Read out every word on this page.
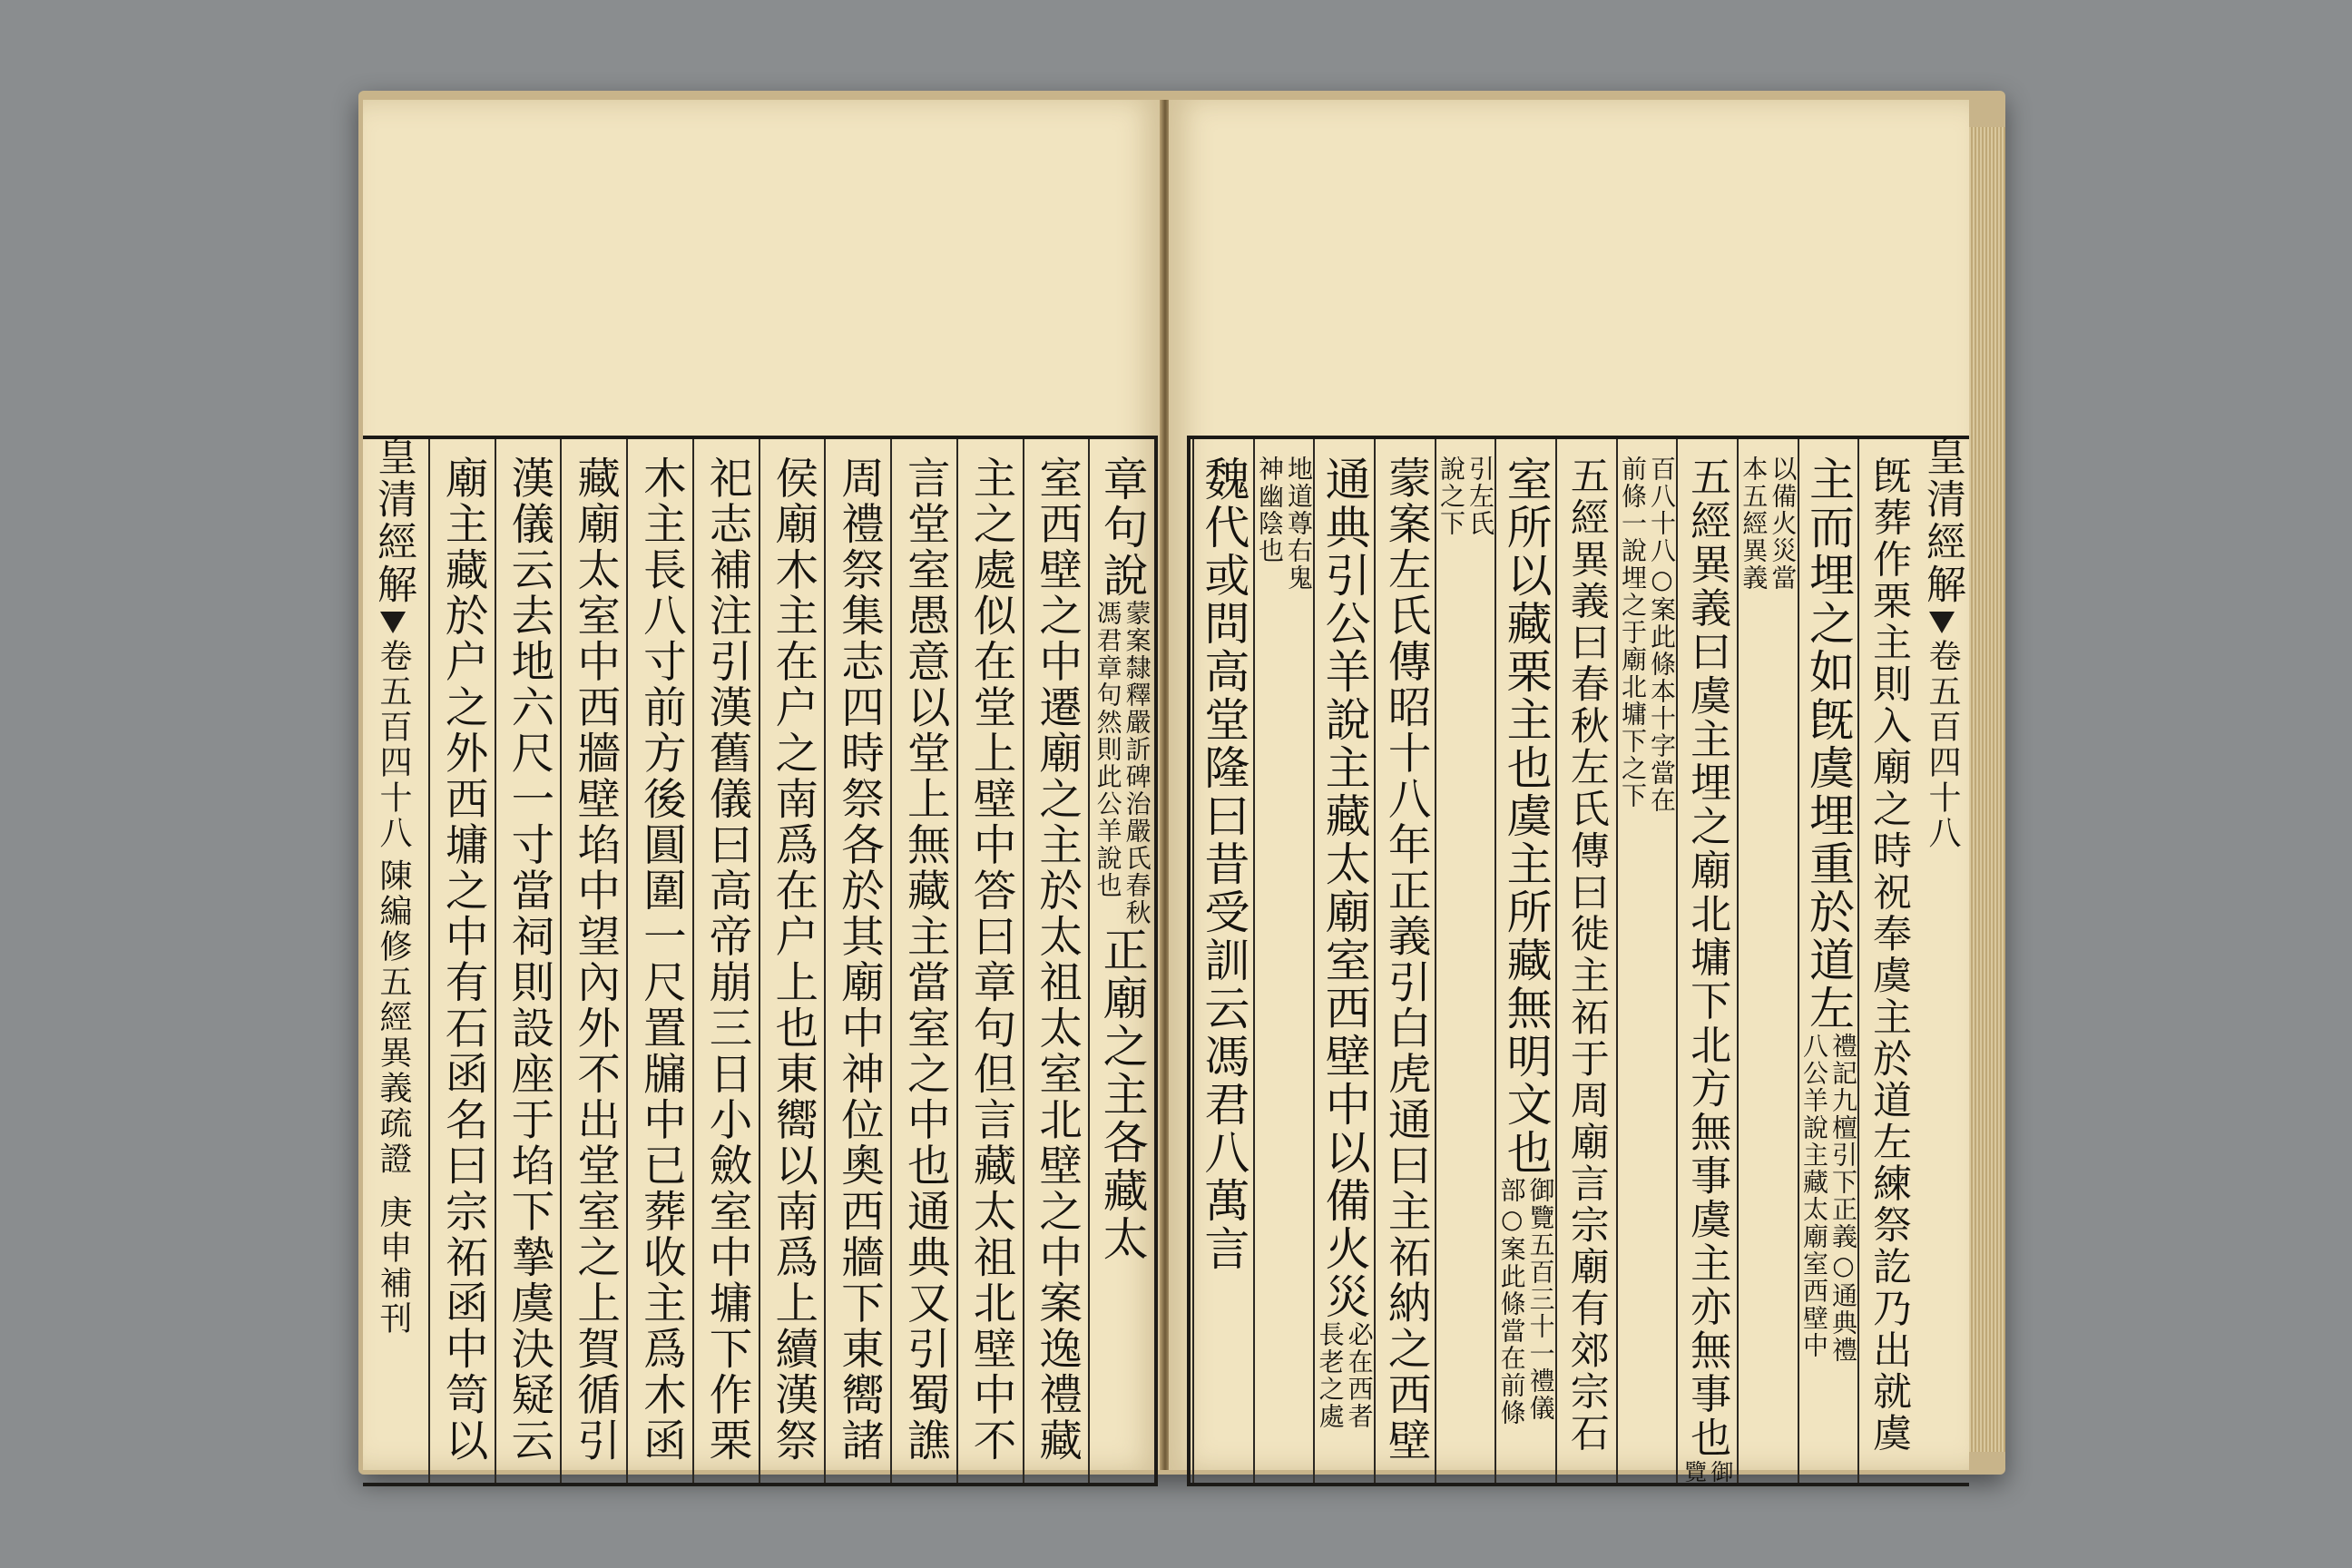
章句說
蒙案隸釋嚴訢碑治嚴氏春秋
馮君章句然則此公羊說也
正廟之主各藏太
室西壁之中遷廟之主於太祖太室北壁之中案逸禮藏
主之處似在堂上壁中答曰章句但言藏太祖北壁中不
言堂室愚意以堂上無藏主當室之中也通典又引蜀譙
周禮祭集志四時祭各於其廟中神位奧西牆下東嚮諸
侯廟木主在户之南爲在户上也東嚮以南爲上續漢祭
祀志補注引漢舊儀曰高帝崩三日小斂室中墉下作栗
木主長八寸前方後圓圍一尺置牖中已葬收主爲木函
藏廟太室中西牆壁埳中望內外不出堂室之上賀循引
漢儀云去地六尺一寸當祠則設座于埳下摯虞決疑云
廟主藏於户之外西墉之中有石函名曰宗祏函中笥以	旣葬作栗主則入廟之時祝奉虞主於道左練祭訖乃出就虞
主而埋之如旣虞埋重於道左
禮記九檀引下正義○通典禮
八公羊說主藏太廟室西壁中
以備火災當
本五經異義
五經異義曰虞主埋之廟北墉下北方無事虞主亦無事也
御
覽
百八十八○案此條本十字當在
前條一說埋之于廟北墉下之下
五經異義曰春秋左氏傳曰徙主祏于周廟言宗廟有郊宗石
室所以藏栗主也虞主所藏無明文也
御覽五百三十一禮儀
部○案此條當在前條
引左氏
說之下
蒙案左氏傳昭十八年正義引白虎通曰主祏納之西壁
通典引公羊說主藏太廟室西壁中以備火災
必在西者
長老之處
地道尊右鬼
神幽陰也
魏代或問高堂隆曰昔受訓云馮君八萬言
皇清經解
卷五百四十八
陳編修五經異義疏證
庚申補刊
皇清經解
卷五百四十八
